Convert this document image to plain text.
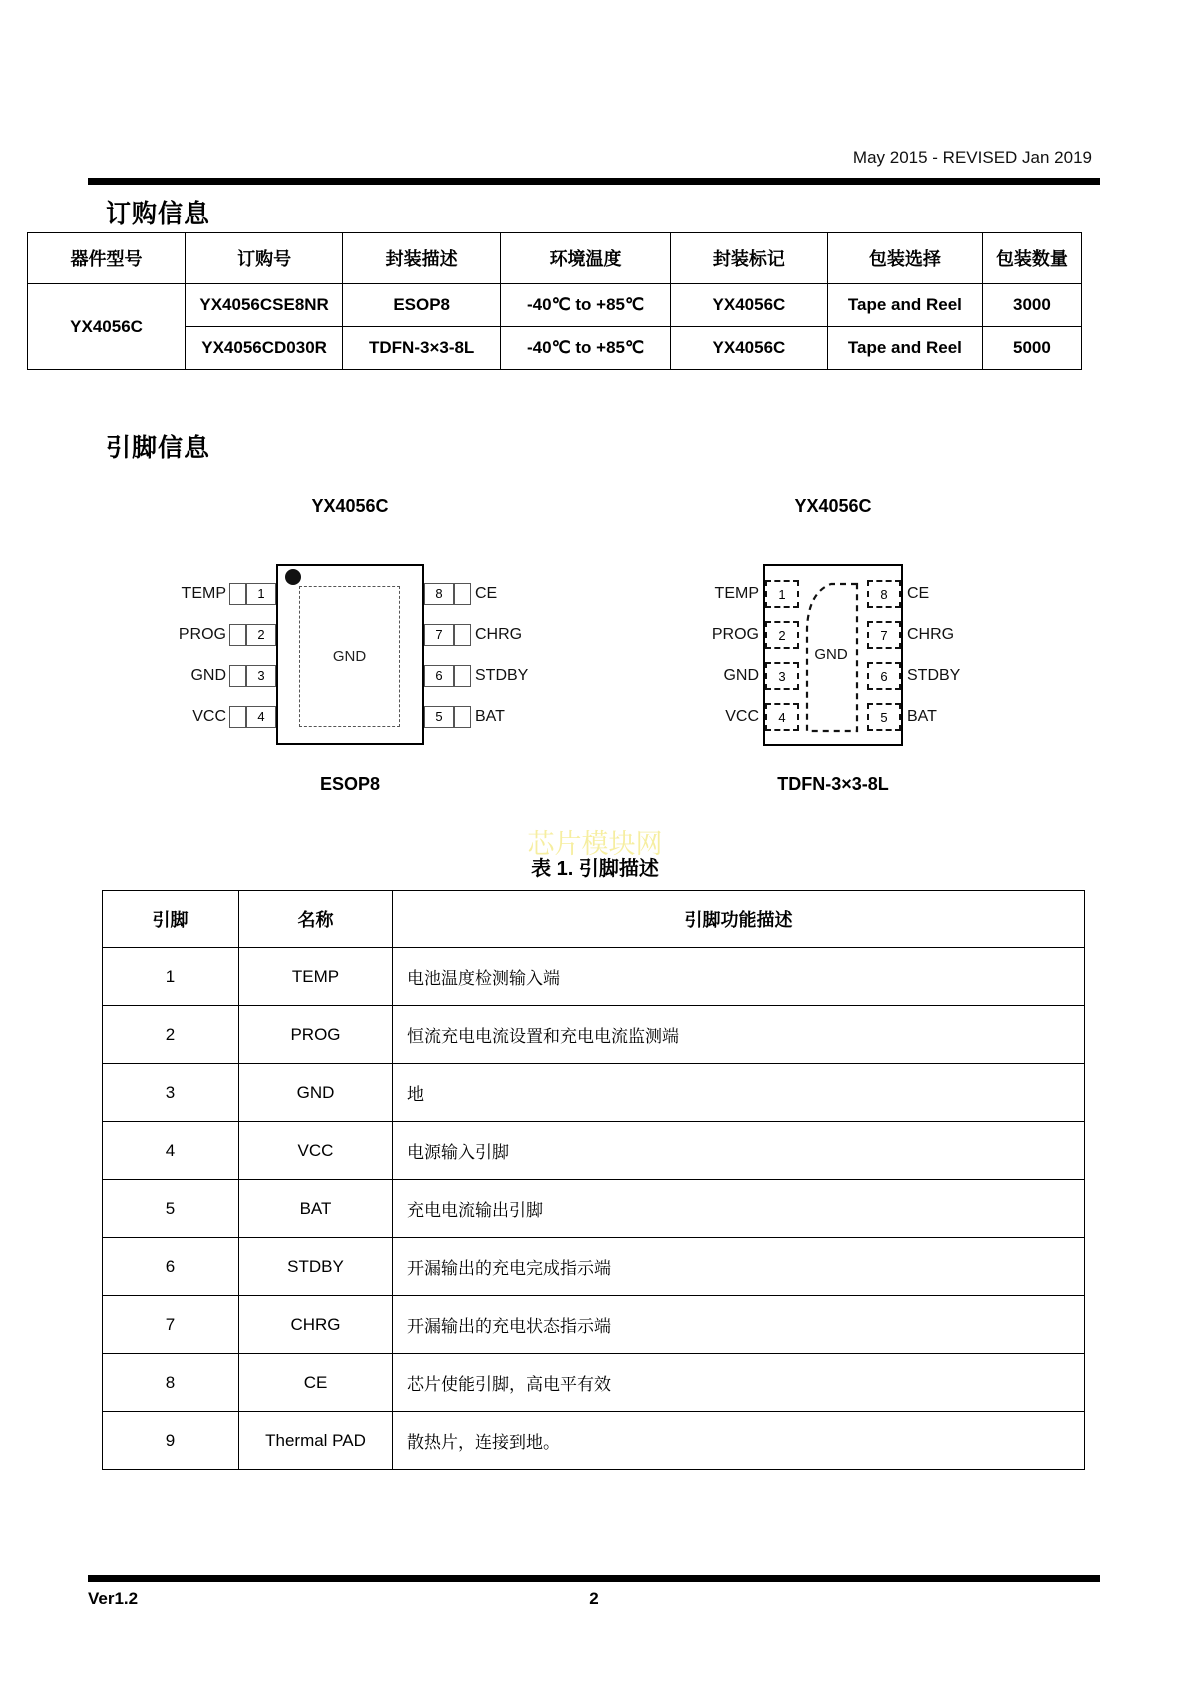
May 2015 - REVISED Jan 2019
订购信息
器件型号	订购号	封装描述	环境温度	封装标记	包装选择	包装数量
YX4056C	YX4056CSE8NR	ESOP8	-40℃ to +85℃	YX4056C	Tape and Reel	3000
	YX4056CD030R	TDFN-3×3-8L	-40℃ to +85℃	YX4056C	Tape and Reel	5000
引脚信息
YX4056C
GND
TEMP	1
PROG	2
GND	3
VCC	4
8	CE
7	CHRG
6	STDBY
5	BAT
ESOP8
YX4056C
GND
TEMP	1
PROG	2
GND	3
VCC	4
8	CE
7	CHRG
6	STDBY
5	BAT
TDFN-3×3-8L
芯片模块网
表 1. 引脚描述
引脚	名称	引脚功能描述
1	TEMP	电池温度检测输入端
2	PROG	恒流充电电流设置和充电电流监测端
3	GND	地
4	VCC	电源输入引脚
5	BAT	充电电流输出引脚
6	STDBY	开漏输出的充电完成指示端
7	CHRG	开漏输出的充电状态指示端
8	CE	芯片使能引脚，高电平有效
9	Thermal PAD	散热片，连接到地。
Ver1.2	2
